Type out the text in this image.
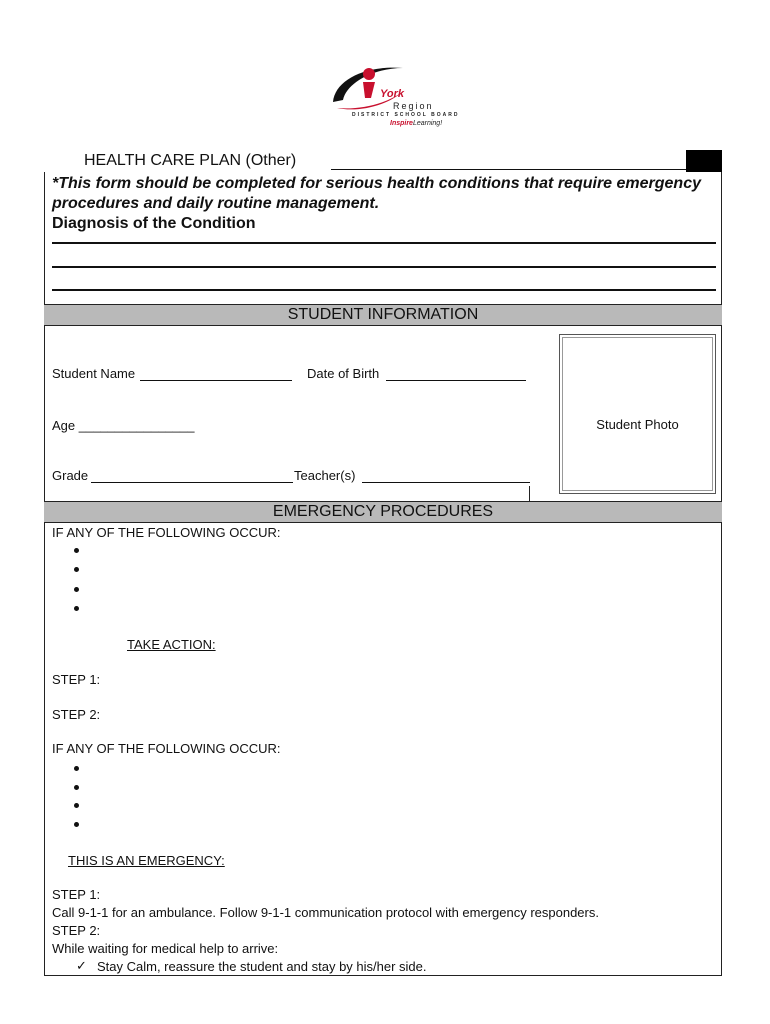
York
Region
DISTRICT SCHOOL BOARD
InspireLearning!
HEALTH CARE PLAN (Other)
*This form should be completed for serious health conditions that require emergency procedures and daily routine management.
Diagnosis of the Condition
STUDENT INFORMATION
Student Name	Date of Birth
Age ________________
Grade	Teacher(s)
Student Photo
EMERGENCY PROCEDURES
IF ANY OF THE FOLLOWING OCCUR:
TAKE ACTION:
STEP 1:
STEP 2:
IF ANY OF THE FOLLOWING OCCUR:
THIS IS AN EMERGENCY:
STEP 1:
Call 9-1-1 for an ambulance. Follow 9-1-1 communication protocol with emergency responders.
STEP 2:
While waiting for medical help to arrive:
✓ Stay Calm, reassure the student and stay by his/her side.
